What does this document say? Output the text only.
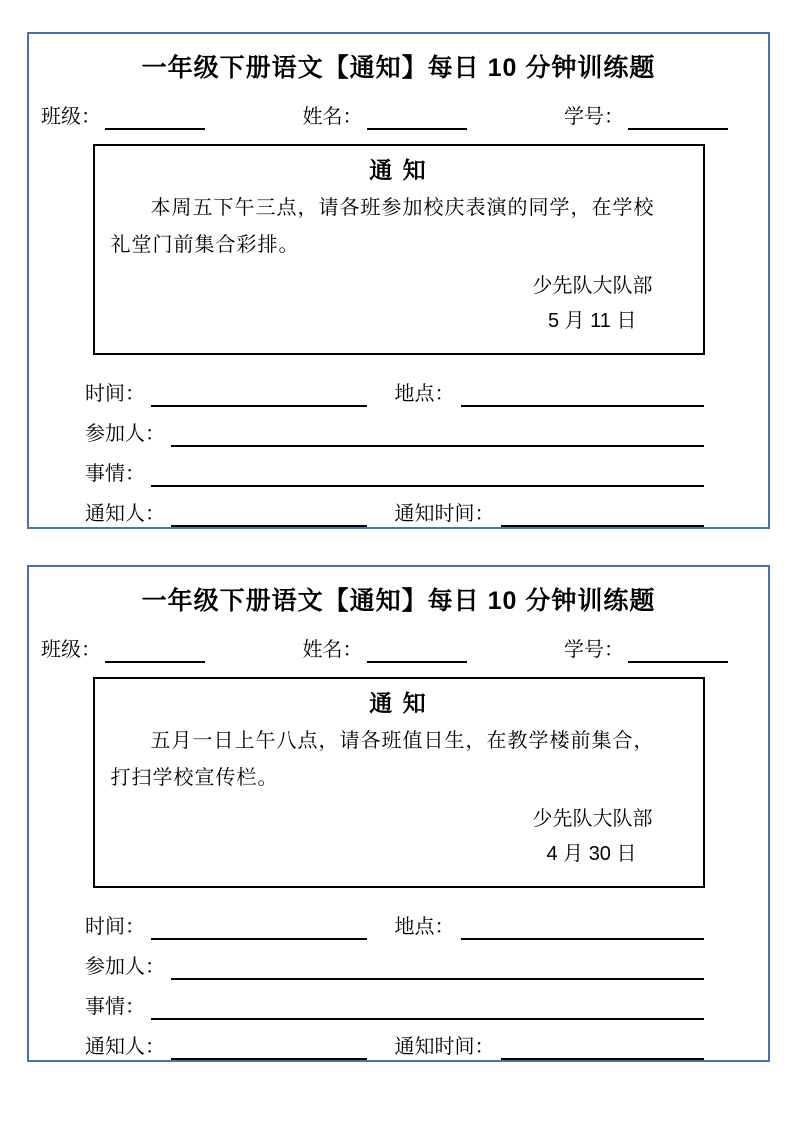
一年级下册语文【通知】每日 10 分钟训练题
班级：	姓名：	学号：
通 知

本周五下午三点，请各班参加校庆表演的同学，在学校

礼堂门前集合彩排。

少先队大队部
5 月 11 日
时间：	地点：
参加人：
事情：
通知人：	通知时间：
一年级下册语文【通知】每日 10 分钟训练题
班级：	姓名：	学号：
通 知

五月一日上午八点，请各班值日生，在教学楼前集合，

打扫学校宣传栏。

少先队大队部
4 月 30 日
时间：	地点：
参加人：
事情：
通知人：	通知时间：
